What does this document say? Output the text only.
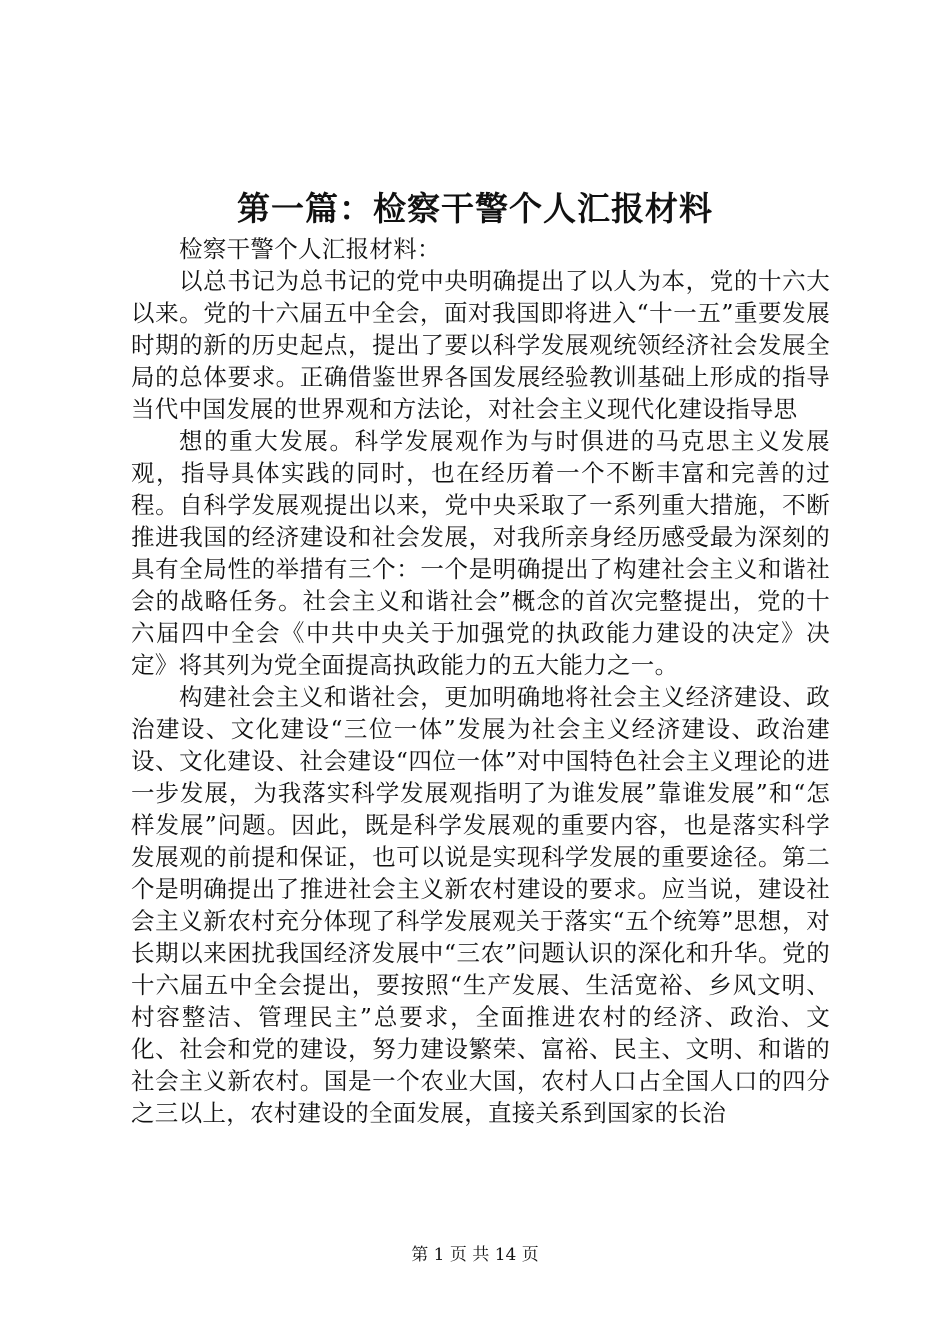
第一篇：检察干警个人汇报材料

检察干警个人汇报材料：

以总书记为总书记的党中央明确提出了以人为本，党的十六大以来。党的十六届五中全会，面对我国即将进入“十一五”重要发展时期的新的历史起点，提出了要以科学发展观统领经济社会发展全局的总体要求。正确借鉴世界各国发展经验教训基础上形成的指导当代中国发展的世界观和方法论，对社会主义现代化建设指导思

想的重大发展。科学发展观作为与时俱进的马克思主义发展观，指导具体实践的同时，也在经历着一个不断丰富和完善的过程。自科学发展观提出以来，党中央采取了一系列重大措施，不断推进我国的经济建设和社会发展，对我所亲身经历感受最为深刻的具有全局性的举措有三个：一个是明确提出了构建社会主义和谐社会的战略任务。社会主义和谐社会”概念的首次完整提出，党的十六届四中全会《中共中央关于加强党的执政能力建设的决定》决定》将其列为党全面提高执政能力的五大能力之一。

构建社会主义和谐社会，更加明确地将社会主义经济建设、政治建设、文化建设“三位一体”发展为社会主义经济建设、政治建设、文化建设、社会建设“四位一体”对中国特色社会主义理论的进一步发展，为我落实科学发展观指明了为谁发展”靠谁发展”和“怎样发展”问题。因此，既是科学发展观的重要内容，也是落实科学发展观的前提和保证，也可以说是实现科学发展的重要途径。第二个是明确提出了推进社会主义新农村建设的要求。应当说，建设社会主义新农村充分体现了科学发展观关于落实“五个统筹”思想，对长期以来困扰我国经济发展中“三农”问题认识的深化和升华。党的十六届五中全会提出，要按照“生产发展、生活宽裕、乡风文明、村容整洁、管理民主”总要求，全面推进农村的经济、政治、文化、社会和党的建设，努力建设繁荣、富裕、民主、文明、和谐的社会主义新农村。国是一个农业大国，农村人口占全国人口的四分之三以上，农村建设的全面发展，直接关系到国家的长治

第 1 页 共 14 页
